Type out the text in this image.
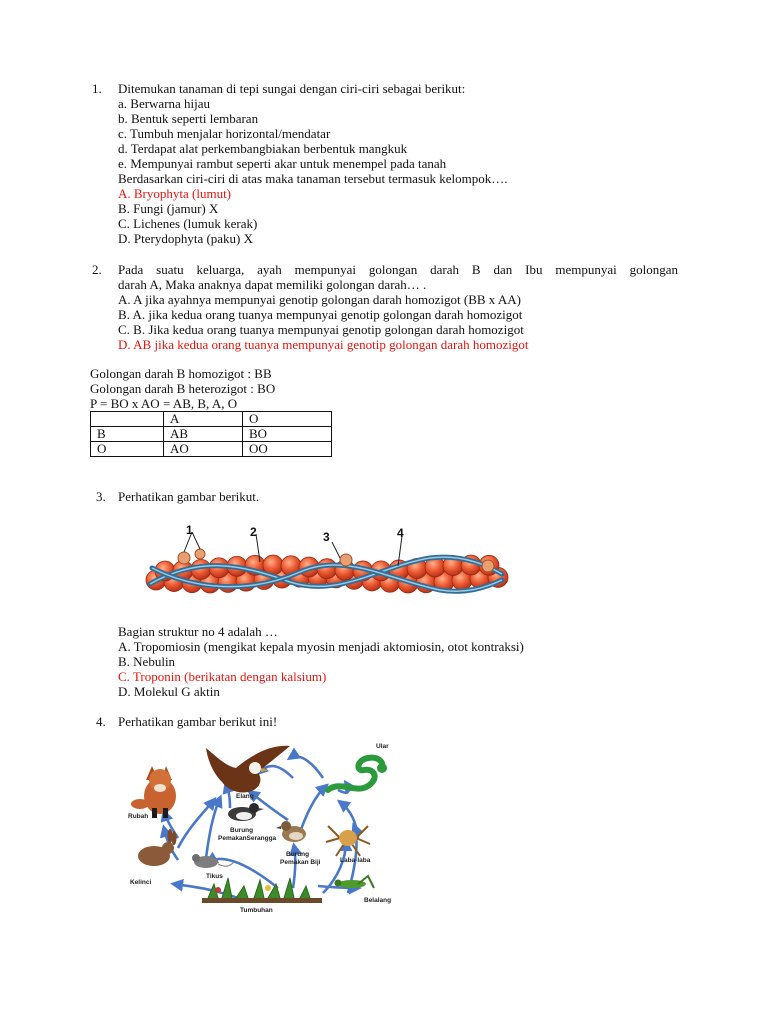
1. Ditemukan tanaman di tepi sungai dengan ciri-ciri sebagai berikut:
a. Berwarna hijau
b. Bentuk seperti lembaran
c. Tumbuh menjalar horizontal/mendatar
d. Terdapat alat perkembangbiakan berbentuk mangkuk
e. Mempunyai rambut seperti akar untuk menempel pada tanah
Berdasarkan ciri-ciri di atas maka tanaman tersebut termasuk kelompok….
A. Bryophyta (lumut)
B. Fungi (jamur) X
C. Lichenes (lumuk kerak)
D. Pterydophyta (paku) X
2. Pada suatu keluarga, ayah mempunyai golongan darah B dan Ibu mempunyai golongan
darah A, Maka anaknya dapat memiliki golongan darah… .
A. A jika ayahnya mempunyai genotip golongan darah homozigot (BB x AA)
B. A. jika kedua orang tuanya mempunyai genotip golongan darah homozigot
C. B. Jika kedua orang tuanya mempunyai genotip golongan darah homozigot
D. AB jika kedua orang tuanya mempunyai genotip golongan darah homozigot
Golongan darah B homozigot : BB
Golongan darah B heterozigot : BO
P = BO x AO = AB, B, A, O
	A	O
B	AB	BO
O	AO	OO
3. Perhatikan gambar berikut.
1	2	3	4
Bagian struktur no 4 adalah …
A. Tropomiosin (mengikat kepala myosin menjadi aktomiosin, otot kontraksi)
B. Nebulin
C. Troponin (berikatan dengan kalsium)
D. Molekul G aktin
4. Perhatikan gambar berikut ini!
Rubah
Elang
Ular
Burung
PemakanSerangga
Burung
Pemakan Biji	Laba-laba
Kelinci
Tikus
Tumbuhan
Belalang
